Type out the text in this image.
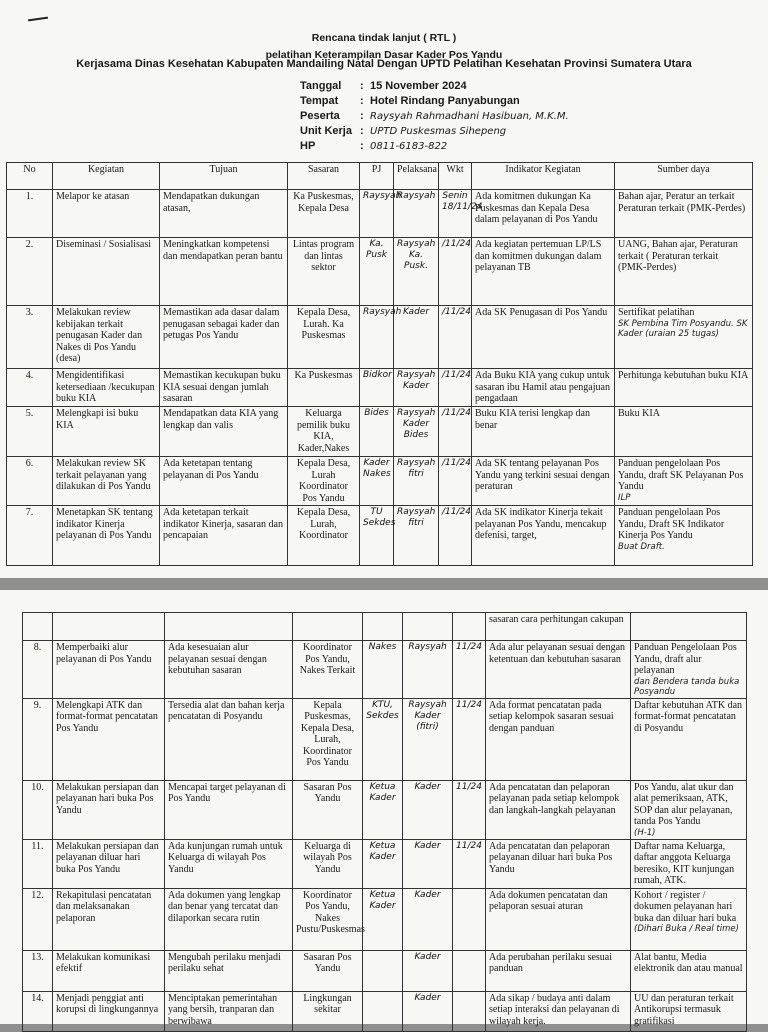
Rencana tindak lanjut ( RTL )
pelatihan Keterampilan Dasar Kader Pos Yandu
Kerjasama Dinas Kesehatan Kabupaten Mandailing Natal Dengan UPTD Pelatihan Kesehatan Provinsi Sumatera Utara
Tanggal : 15 November 2024
Tempat : Hotel Rindang Panyabungan
Peserta : Raysyah Rahmadhani Hasibuan, M.K.M.
Unit Kerja : UPTD Puskesmas Sihepeng
HP	: 0811-6183-822
No	Kegiatan	Tujuan	Sasaran	PJ	Pelaksana	Wkt	Indikator Kegiatan	Sumber daya
1.	Melapor ke atasan	Mendapatkan dukungan atasan,	Ka Puskesmas, Kepala Desa	Raysyah	Raysyah	Senin 18/11/24	Ada komitmen dukungan Ka Puskesmas dan Kepala Desa dalam pelayanan di Pos Yandu	Bahan ajar, Peratur an terkait Peraturan terkait (PMK-Perdes)

2.	Diseminasi / Sosialisasi	Meningkatkan kompetensi dan mendapatkan peran bantu	Lintas program dan lintas sektor	Ka. Pusk	Raysyah Ka. Pusk.	/11/24	Ada kegiatan pertemuan LP/LS dan komitmen dukungan dalam pelayanan TB	UANG, Bahan ajar, Peraturan terkait ( Peraturan terkait (PMK-Perdes)

3.	Melakukan review kebijakan terkait penugasan Kader dan Nakes di Pos Yandu (desa)	Memastikan ada dasar dalam penugasan sebagai kader dan petugas Pos Yandu	Kepala Desa, Lurah. Ka Puskesmas	Raysyah	Kader	/11/24	Ada SK Penugasan di Pos Yandu	Sertifikat pelatihan
SK Pembina Tim Posyandu. SK Kader (uraian 25 tugas)

4.	Mengidentifikasi ketersediaan /kecukupan buku KIA	Memastikan kecukupan buku KIA sesuai dengan jumlah sasaran	Ka Puskesmas	Bidkor	Raysyah Kader	/11/24	Ada Buku KIA yang cukup untuk sasaran ibu Hamil atau pengajuan pengadaan	Perhitunga kebutuhan buku KIA

5.	Melengkapi isi buku KIA	Mendapatkan data KIA yang lengkap dan valis	Keluarga pemilik buku KIA, Kader,Nakes	Bides	Raysyah Kader Bides	/11/24	Buku KIA terisi lengkap dan benar	Buku KIA

6.	Melakukan review SK terkait pelayanan yang dilakukan di Pos Yandu	Ada ketetapan tentang pelayanan di Pos Yandu	Kepala Desa, Lurah Koordinator Pos Yandu	Kader Nakes	Raysyah fitri	/11/24	Ada SK tentang pelayanan Pos Yandu yang terkini sesuai dengan peraturan	Panduan pengelolaan Pos Yandu, draft SK Pelayanan Pos Yandu
ILP

7.	Menetapkan SK tentang indikator Kinerja pelayanan di Pos Yandu	Ada ketetapan terkait indikator Kinerja, sasaran dan pencapaian	Kepala Desa, Lurah, Koordinator	TU Sekdes	Raysyah fitri	/11/24	Ada SK indikator Kinerja tekait pelayanan Pos Yandu, mencakup defenisi, target,	Panduan pengelolaan Pos Yandu, Draft SK Indikator Kinerja Pos Yandu
Buat Draft.
							sasaran cara perhitungan cakupan	

8.	Memperbaiki alur pelayanan di Pos Yandu	Ada kesesuaian alur pelayanan sesuai dengan kebutuhan sasaran	Koordinator Pos Yandu, Nakes Terkait	Nakes	Raysyah	11/24	Ada alur pelayanan sesuai dengan ketentuan dan kebutuhan sasaran	Panduan Pengelolaan Pos Yandu, draft alur pelayanan
dan Bendera tanda buka Posyandu

9.	Melengkapi ATK dan format-format pencatatan Pos Yandu	Tersedia alat dan bahan kerja pencatatan di Posyandu	Kepala Puskesmas, Kepala Desa, Lurah, Koordinator Pos Yandu	KTU, Sekdes	Raysyah Kader (fitri)	11/24	Ada format pencatatan pada setiap kelompok sasaran sesuai dengan panduan	Daftar kebutuhan ATK dan format-format pencatatan di Posyandu

10.	Melakukan persiapan dan pelayanan hari buka Pos Yandu	Mencapai target pelayanan di Pos Yandu	Sasaran Pos Yandu	Ketua Kader	Kader	11/24	Ada pencatatan dan pelaporan pelayanan pada setiap kelompok dan langkah-langkah pelayanan	Pos Yandu, alat ukur dan alat pemeriksaan, ATK, SOP dan alur pelayanan, tanda Pos Yandu
(H-1)

11.	Melakukan persiapan dan pelayanan diluar hari buka Pos Yandu	Ada kunjungan rumah untuk Keluarga di wilayah Pos Yandu	Keluarga di wilayah Pos Yandu	Ketua Kader	Kader	11/24	Ada pencatatan dan pelaporan pelayanan diluar hari buka Pos Yandu	Daftar nama Keluarga, daftar anggota Keluarga beresiko, KIT kunjungan rumah, ATK.

12.	Rekapitulasi pencatatan dan melaksanakan pelaporan	Ada dokumen yang lengkap dan benar yang tercatat dan dilaporkan secara rutin	Koordinator Pos Yandu, Nakes Pustu/Puskesmas	Ketua Kader	Kader		Ada dokumen pencatatan dan pelaporan sesuai aturan	Kohort / register / dokumen pelayanan hari buka dan diluar hari buka
(Dihari Buka / Real time)

13.	Melakukan komunikasi efektif	Mengubah perilaku menjadi perilaku sehat	Sasaran Pos Yandu		Kader		Ada perubahan perilaku sesuai panduan	Alat bantu, Media elektronik dan atau manual

14.	Menjadi penggiat anti korupsi di lingkungannya	Menciptakan pemerintahan yang bersih, tranparan dan berwibawa	Lingkungan sekitar		Kader		Ada sikap / budaya anti dalam setiap interaksi dan pelayanan di wilayah kerja.	UU dan peraturan terkait Antikorupsi termasuk gratifikasi
